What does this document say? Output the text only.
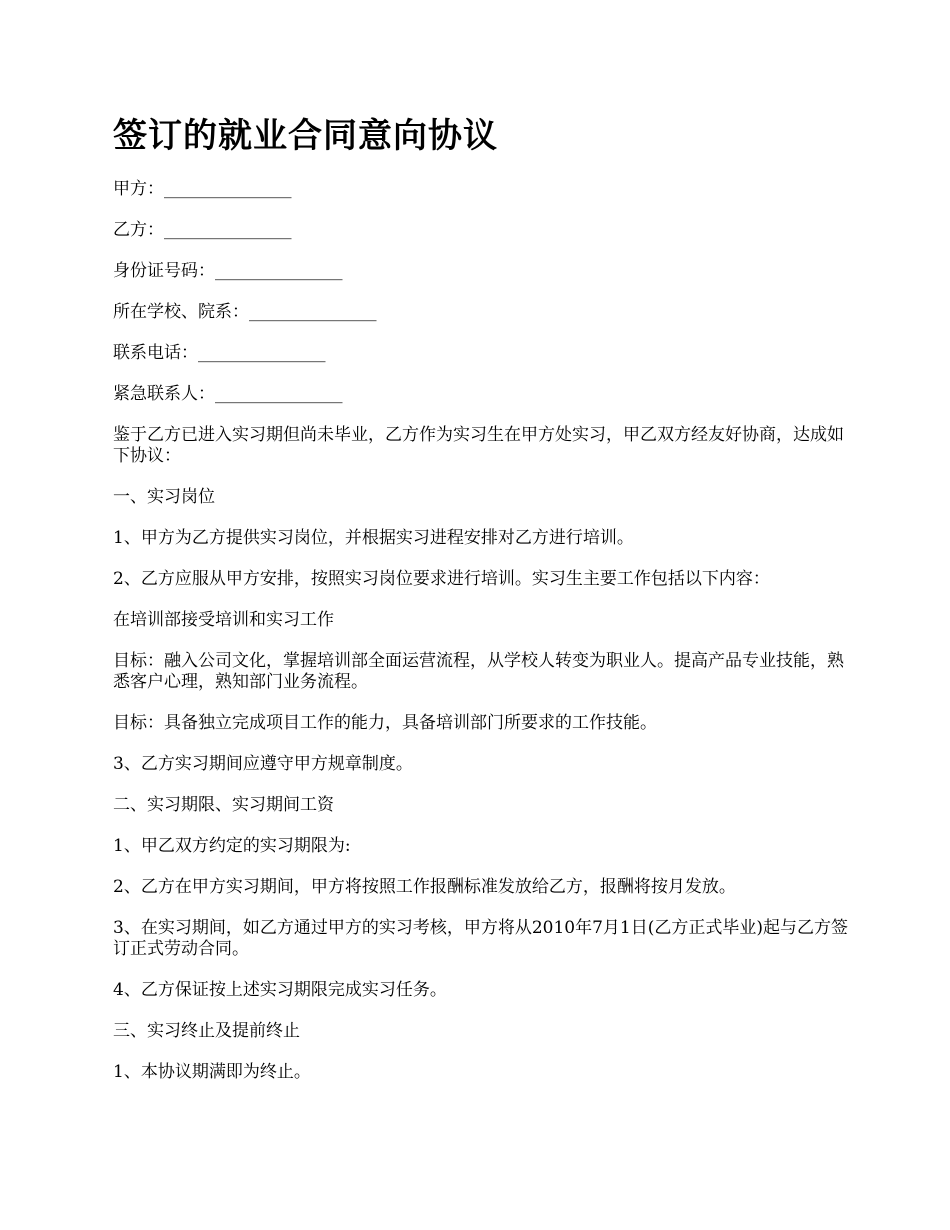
签订的就业合同意向协议

甲方：_______________

乙方：_______________

身份证号码：_______________

所在学校、院系：_______________

联系电话：_______________

紧急联系人：_______________

鉴于乙方已进入实习期但尚未毕业，乙方作为实习生在甲方处实习，甲乙双方经友好协商，达成如下协议：

一、实习岗位

1、甲方为乙方提供实习岗位，并根据实习进程安排对乙方进行培训。

2、乙方应服从甲方安排，按照实习岗位要求进行培训。实习生主要工作包括以下内容：

在培训部接受培训和实习工作

目标：融入公司文化，掌握培训部全面运营流程，从学校人转变为职业人。提高产品专业技能，熟悉客户心理，熟知部门业务流程。

目标：具备独立完成项目工作的能力，具备培训部门所要求的工作技能。

3、乙方实习期间应遵守甲方规章制度。

二、实习期限、实习期间工资

1、甲乙双方约定的实习期限为:

2、乙方在甲方实习期间，甲方将按照工作报酬标准发放给乙方，报酬将按月发放。

3、在实习期间，如乙方通过甲方的实习考核，甲方将从2010年7月1日(乙方正式毕业)起与乙方签订正式劳动合同。

4、乙方保证按上述实习期限完成实习任务。

三、实习终止及提前终止

1、本协议期满即为终止。
